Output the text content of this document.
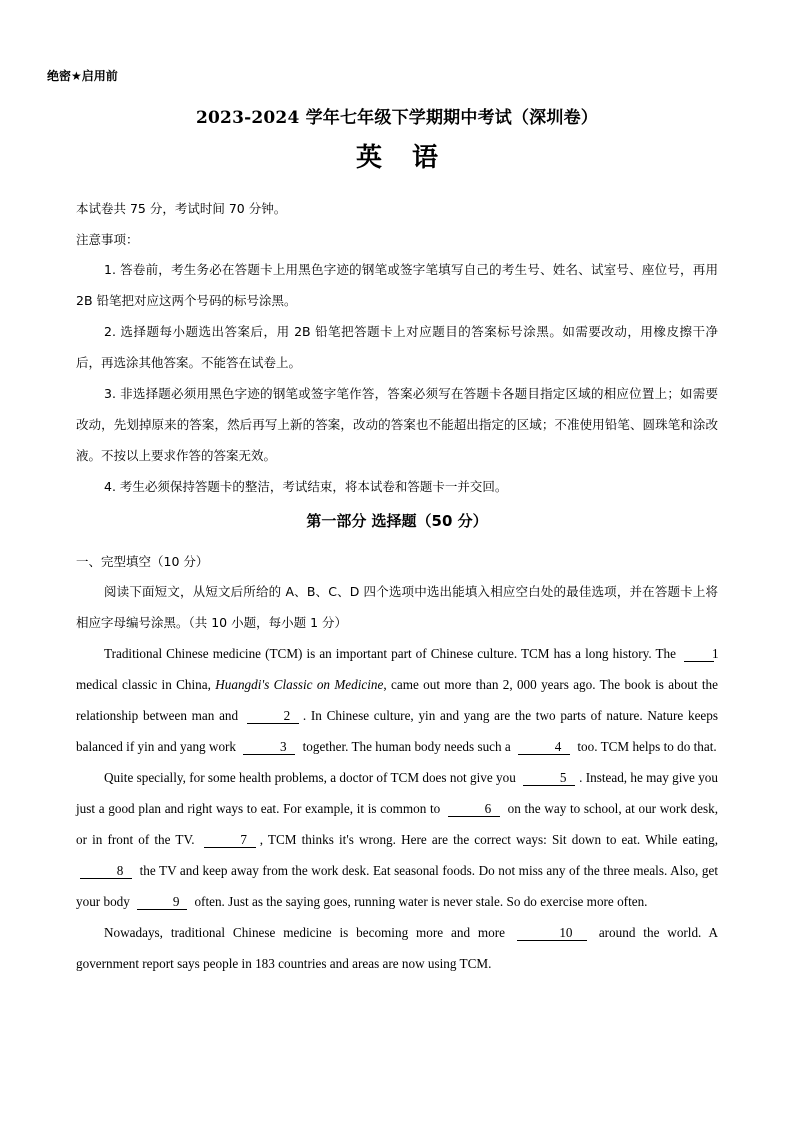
绝密★启用前
2023-2024 学年七年级下学期期中考试（深圳卷）
英 语
本试卷共 75 分，考试时间 70 分钟。
注意事项：

1. 答卷前，考生务必在答题卡上用黑色字迹的钢笔或签字笔填写自己的考生号、姓名、试室号、座位号，再用 2B 铅笔把对应这两个号码的标号涂黑。

2. 选择题每小题选出答案后，用 2B 铅笔把答题卡上对应题目的答案标号涂黑。如需要改动，用橡皮擦干净后，再选涂其他答案。不能答在试卷上。

3. 非选择题必须用黑色字迹的钢笔或签字笔作答，答案必须写在答题卡各题目指定区域的相应位置上；如需要改动，先划掉原来的答案，然后再写上新的答案，改动的答案也不能超出指定的区域；不准使用铅笔、圆珠笔和涂改液。不按以上要求作答的答案无效。

4. 考生必须保持答题卡的整洁，考试结束，将本试卷和答题卡一并交回。

第一部分 选择题（50 分）
一、完型填空（10 分）

阅读下面短文，从短文后所给的 A、B、C、D 四个选项中选出能填入相应空白处的最佳选项，并在答题卡上将相应字母编号涂黑。（共 10 小题，每小题 1 分）

Traditional Chinese medicine (TCM) is an important part of Chinese culture. TCM has a long history. The	1 medical classic in China, Huangdi's Classic on Medicine, came out more than 2, 000 years ago. The book is about the relationship between man and	2 . In Chinese culture, yin and yang are the two parts of nature. Nature keeps balanced if yin and yang work	3 together. The human body needs such a	4 too. TCM helps to do that.

Quite specially, for some health problems, a doctor of TCM does not give you	5 . Instead, he may give you just a good plan and right ways to eat. For example, it is common to	6 on the way to school, at our work desk, or in front of the TV.	7 , TCM thinks it's wrong. Here are the correct ways: Sit down to eat. While eating, 8 the TV and keep away from the work desk. Eat seasonal foods. Do not miss any of the three meals. Also, get your body	9 often. Just as the saying goes, running water is never stale. So do exercise more often.

Nowadays, traditional Chinese medicine is becoming more and more	10 around the world. A government report says people in 183 countries and areas are now using TCM.
